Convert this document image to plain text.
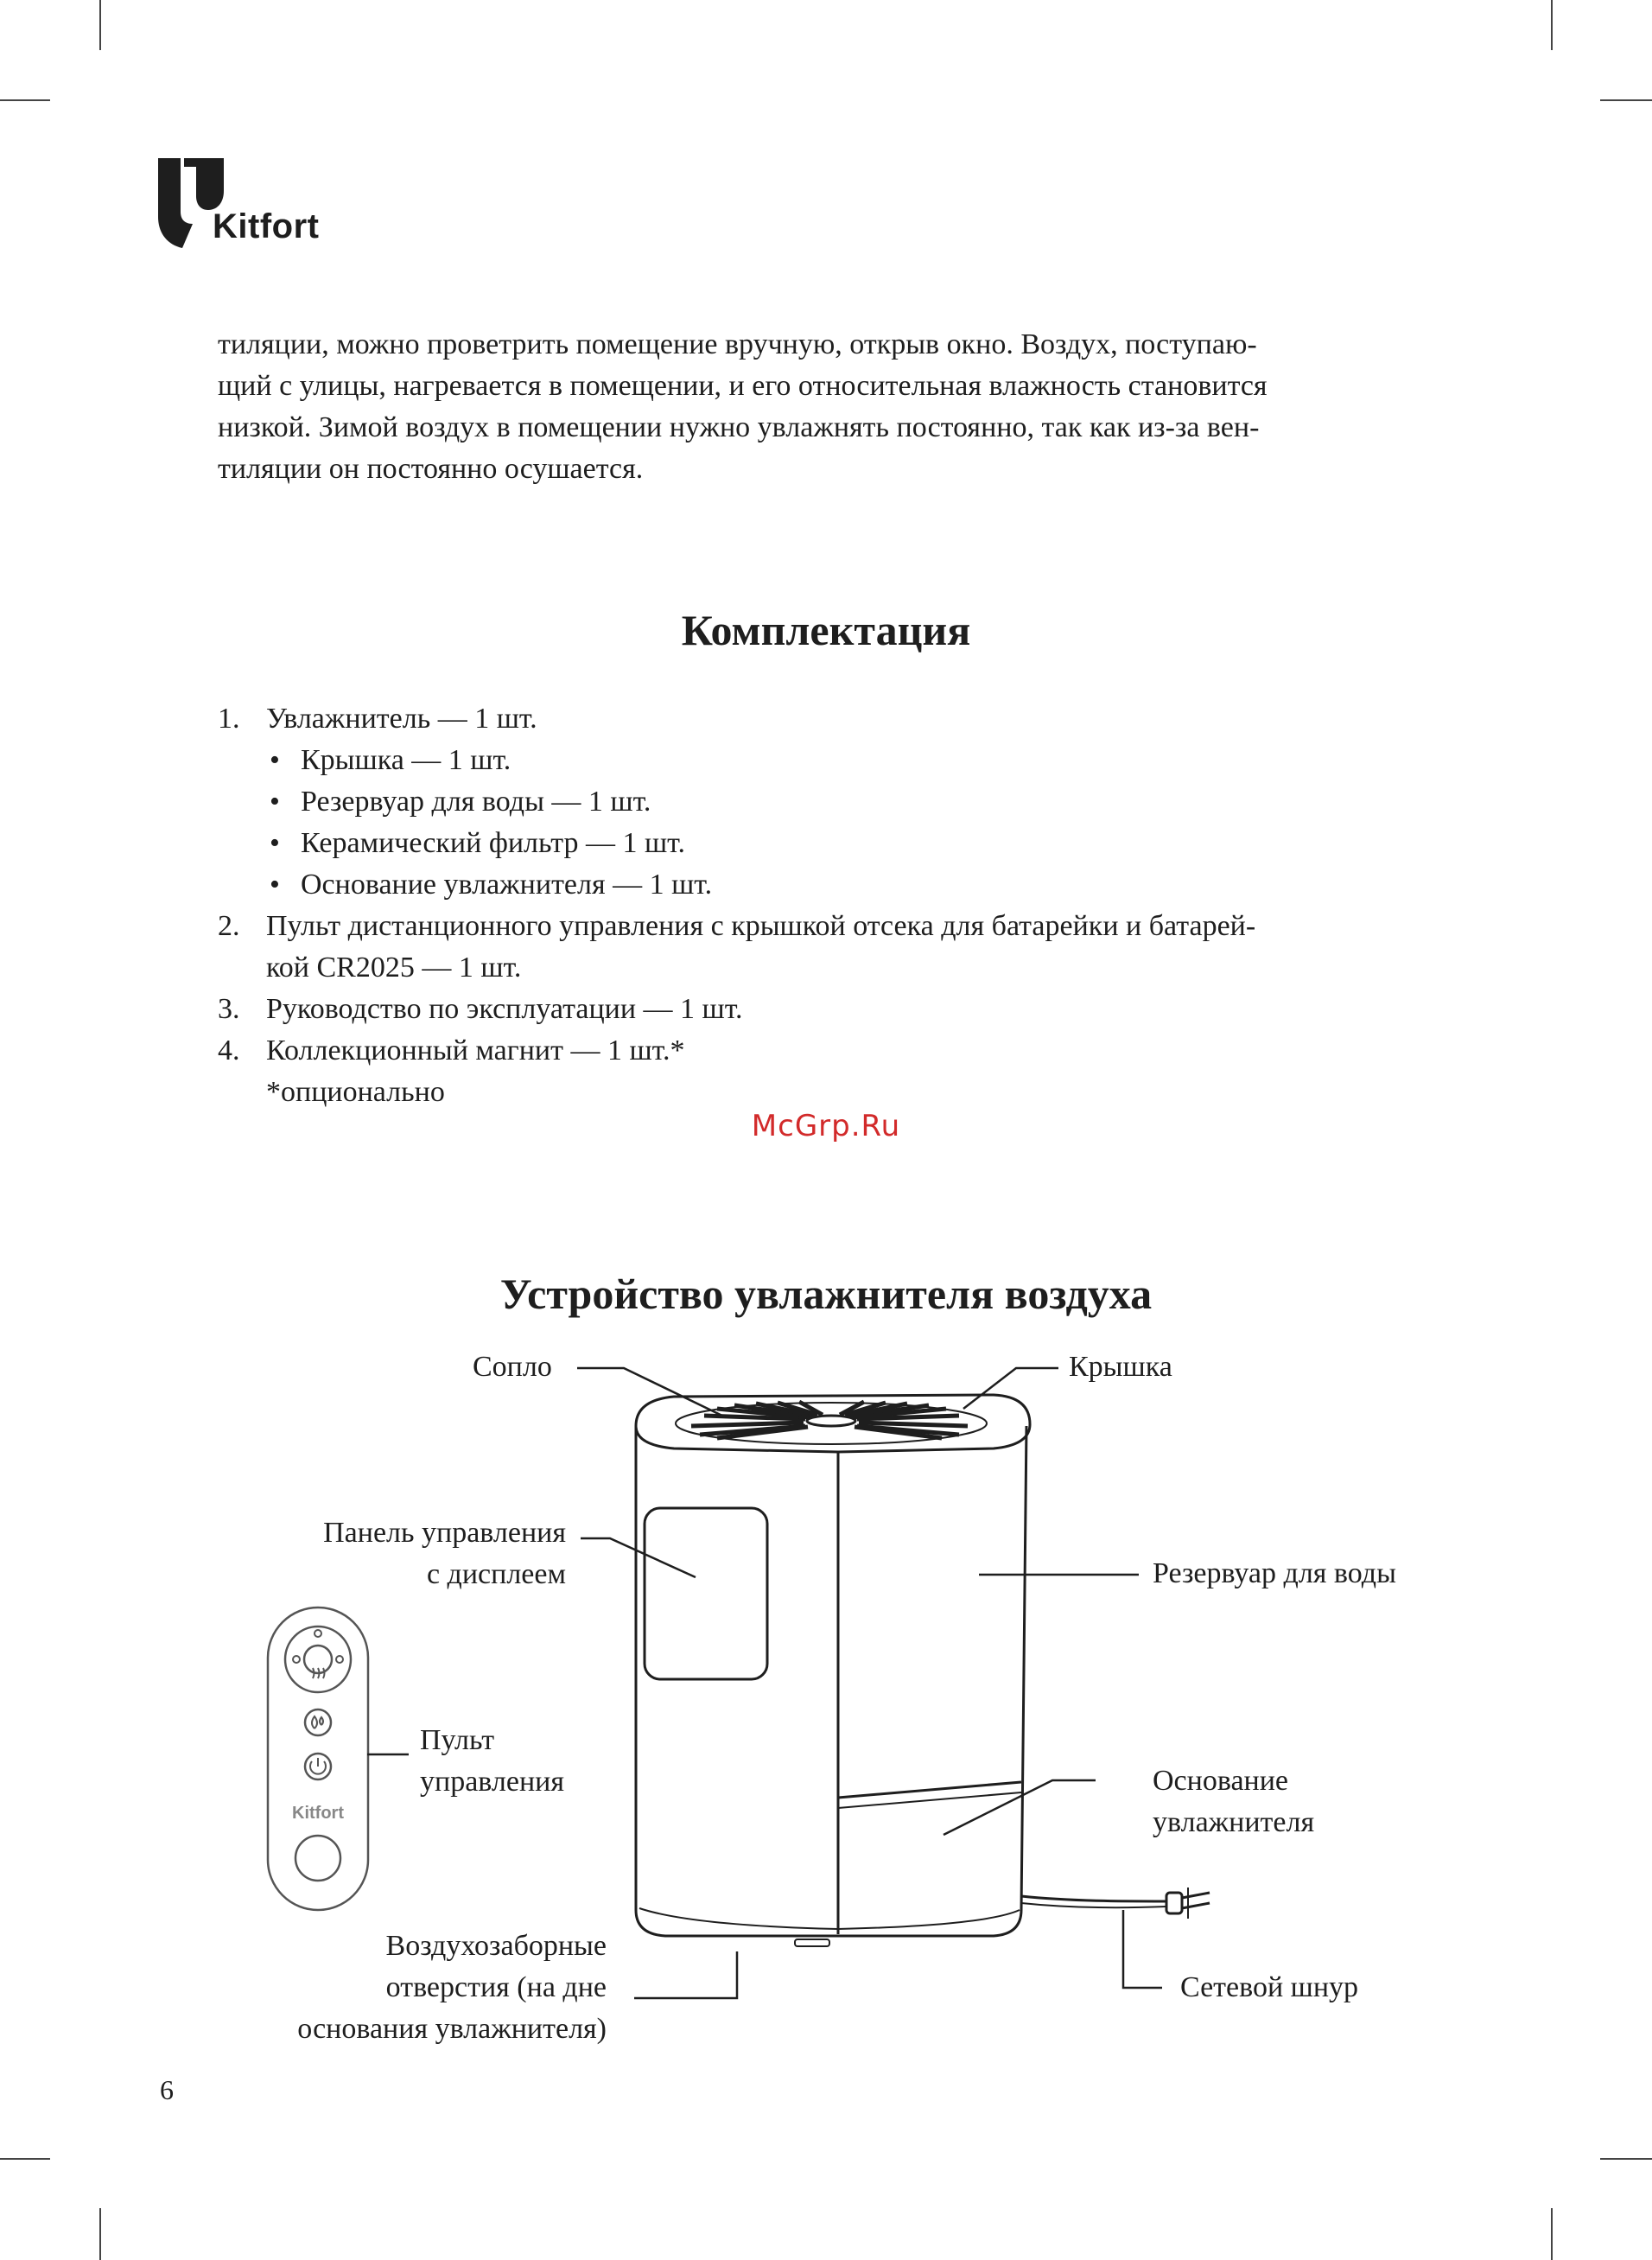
Kitfort

тиляции, можно проветрить помещение вручную, открыв окно. Воздух, поступаю-
щий с улицы, нагревается в помещении, и его относительная влажность становится
низкой. Зимой воздух в помещении нужно увлажнять постоянно, так как из-за вен-
тиляции он постоянно осушается.

Комплектация
1. Увлажнитель — 1 шт.
• Крышка — 1 шт.
• Резервуар для воды — 1 шт.
• Керамический фильтр — 1 шт.
• Основание увлажнителя — 1 шт.
2. Пульт дистанционного управления с крышкой отсека для батарейки и батарей-
кой CR2025 — 1 шт.
3. Руководство по эксплуатации — 1 шт.
4. Коллекционный магнит — 1 шт.*
*опционально
McGrp.Ru
Устройство увлажнителя воздуха
Kitfort
Сопло	Крышка
Панель управления
с дисплеем	Резервуар для воды
Пульт
управления	Основание
увлажнителя
Воздухозаборные
отверстия (на дне
основания увлажнителя)
Сетевой шнур
6
